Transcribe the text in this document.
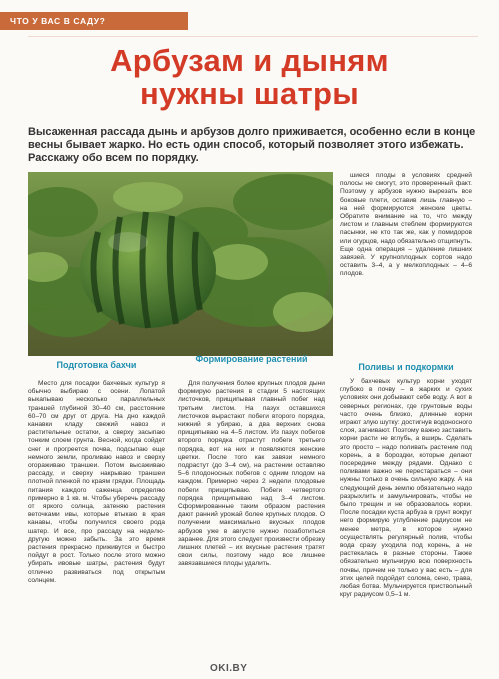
ЧТО У ВАС В САДУ?
Арбузам и дыням
нужны шатры
Высаженная рассада дынь и арбузов долго приживается, особенно если в конце весны бывает жарко. Но есть один способ, который позволяет этого избежать. Расскажу обо всем по порядку.

шиеся плоды в условиях средней полосы не смогут, это проверенный факт. Поэтому у арбузов нужно вырезать все боковые плети, оставив лишь главную – на ней формируются женские цветы. Обратите внимание на то, что между листом и главным стеблем формируются пасынки, не кто так же, как у помидоров или огурцов, надо обязательно отщипнуть. Еще одна операция – удаление лишних завязей. У крупноплодных сортов надо оставить 3–4, а у мелкоплодных – 4–6 плодов.

Подготовка бахчи
Формирование растений
Поливы и подкормки

Место для посадки бахчевых культур я обычно выбираю с осени. Лопатой выкапываю несколько параллельных траншей глубиной 30–40 см, расстояние 60–70 см друг от друга. На дно каждой канавки кладу свежий навоз и растительные остатки, а сверху засыпаю тонким слоем грунта. Весной, когда сойдет снег и прогреется почва, подсыпаю еще немного земли, проливаю навоз и сверху огораживаю траншеи. Потом высаживаю рассаду, и сверху накрываю траншеи плотной пленкой по краям грядки. Площадь питания каждого саженца определяю примерно в 1 кв. м. Чтобы уберечь рассаду от яркого солнца, затеняю растения веточками ивы, которые втыкаю в края канавы, чтобы получился своего рода шатер. И все, про рассаду на неделю-другую можно забыть. За это время растения прекрасно приживутся и быстро пойдут в рост. Только после этого можно убирать ивовые шатры, растения будут отлично развиваться под открытым солнцем.

Для получения более крупных плодов дыни формирую растения в стадии 5 настоящих листочков, прищипывая главный побег над третьим листом. На пазух оставшихся листочков вырастают побеги второго порядка, нижний я убираю, а два верхних снова прищипываю на 4–5 листом. Из пазух побегов второго порядка отрастут побеги третьего порядка, вот на них и появляются женские цветки. После того как завязи немного подрастут (до 3–4 см), на растении оставляю 5–6 плодоносных побегов с одним плодом на каждом. Примерно через 2 недели плодовые побеги прищипываю. Побеги четвертого порядка прищипываю над 3–4 листом. Сформированные таким образом растения дают ранний урожай более крупных плодов. О получении максимально вкусных плодов арбузов уже в августе нужно позаботиться заранее. Для этого следует произвести обрезку лишних плетей – их вкусные растения тратят свои силы, поэтому надо все лишнее завязавшиеся плоды удалить.

У бахчевых культур корни уходят глубоко в почву – в жарких и сухих условиях они добывают себе воду. А вот в северных регионах, где грунтовые воды часто очень близко, длинные корни играют злую шутку: достигнув водоносного слоя, загнивают. Поэтому важно заставить корни расти не вглубь, а вширь. Сделать это просто – надо поливать растение под корень, а в бороздки, которые делают посередине между рядами. Однако с поливами важно не перестараться – они нужны только в очень сильную жару. А на следующий день землю обязательно надо разрыхлить и замульчировать, чтобы не было трещин и не образовалось корки. После посадки куста арбуза в грунт вокруг него формирую углубление радиусом не менее метра, в которое нужно осуществлять регулярный полив, чтобы вода сразу уходила под корень, а не растекалась в разные стороны. Также обязательно мульчирую всю поверхность почвы, причем не только у вас есть – для этих целей подойдет солома, сено, трава, любая ботва. Мульчируется приствольный круг радиусом 0,5–1 м.

OKI.BY
